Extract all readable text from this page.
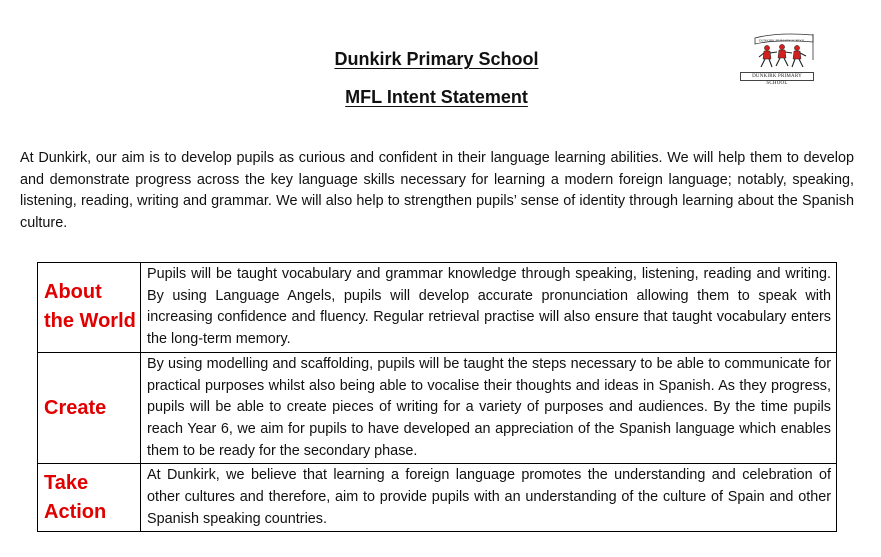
Dunkirk Primary School
MFL Intent Statement
DUNKIRK PRIMARY SCHOOL
DUNKIRK PRIMARY SCHOOL

At Dunkirk, our aim is to develop pupils as curious and confident in their language learning abilities. We will help them to develop and demonstrate progress across the key language skills necessary for learning a modern foreign language; notably, speaking, listening, reading, writing and grammar. We will also help to strengthen pupils’ sense of identity through learning about the Spanish culture.

About the World	Pupils will be taught vocabulary and grammar knowledge through speaking, listening, reading and writing. By using Language Angels, pupils will develop accurate pronunciation allowing them to speak with increasing confidence and fluency. Regular retrieval practise will also ensure that taught vocabulary enters the long-term memory.
Create	By using modelling and scaffolding, pupils will be taught the steps necessary to be able to communicate for practical purposes whilst also being able to vocalise their thoughts and ideas in Spanish. As they progress, pupils will be able to create pieces of writing for a variety of purposes and audiences. By the time pupils reach Year 6, we aim for pupils to have developed an appreciation of the Spanish language which enables them to be ready for the secondary phase.
Take Action	At Dunkirk, we believe that learning a foreign language promotes the understanding and celebration of other cultures and therefore, aim to provide pupils with an understanding of the culture of Spain and other Spanish speaking countries.
